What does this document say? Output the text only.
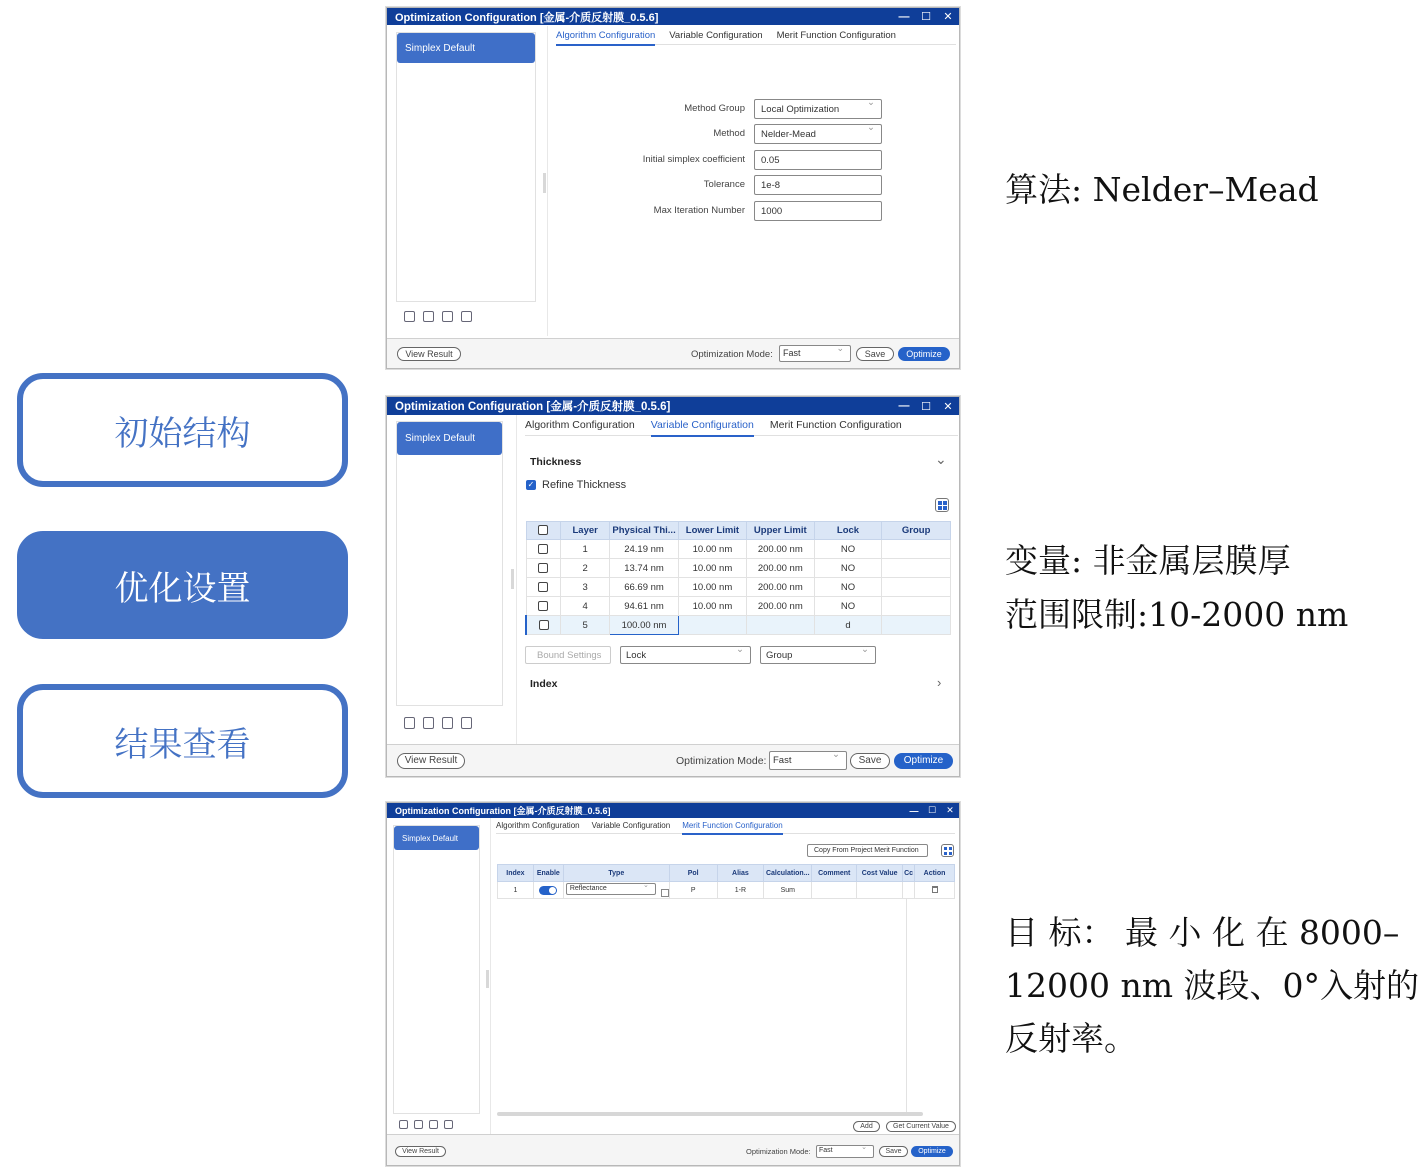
初始结构
优化设置
结果查看
算法: Nelder–Mead
变量: 非金属层膜厚
范围限制:10-2000 nm
目 标： 最 小 化 在 8000–
12000 nm 波段、0°入射的
反射率。
Optimization Configuration [金属-介质反射膜_0.5.6]	—	☐	✕
Simplex Default
Algorithm Configuration Variable Configuration Merit Function Configuration
Method Group	Local Optimization ⌄
Method	Nelder-Mead ⌄
Initial simplex coefficient	0.05
Tolerance	1e-8
Max Iteration Number	1000
View Result	Optimization Mode:	Fast ⌄	Save	Optimize
Optimization Configuration [金属-介质反射膜_0.5.6]	—	☐	✕
Simplex Default
Algorithm Configuration Variable Configuration Merit Function Configuration
Thickness	⌄
✓ Refine Thickness
	Layer	Physical Thi...	Lower Limit	Upper Limit	Lock	Group
	1	24.19 nm	10.00 nm	200.00 nm	NO	
	2	13.74 nm	10.00 nm	200.00 nm	NO	
	3	66.69 nm	10.00 nm	200.00 nm	NO	
	4	94.61 nm	10.00 nm	200.00 nm	NO	
	5	100.00 nm			d	
Bound Settings	Lock ⌄	Group ⌄
Index	›
View Result	Optimization Mode: Fast ⌄	Save	Optimize
Optimization Configuration [金属-介质反射膜_0.5.6]	—	☐	✕
Simplex Default
Algorithm Configuration Variable Configuration Merit Function Configuration
Copy From Project Merit Function
Index	Enable	Type	Pol	Alias	Calculation...	Comment	Cost Value	Cc	Action
1		Reflectance ⌄	P	1-R	Sum				
Add	Get Current Value
View Result	Optimization Mode:	Fast ⌄	Save	Optimize
